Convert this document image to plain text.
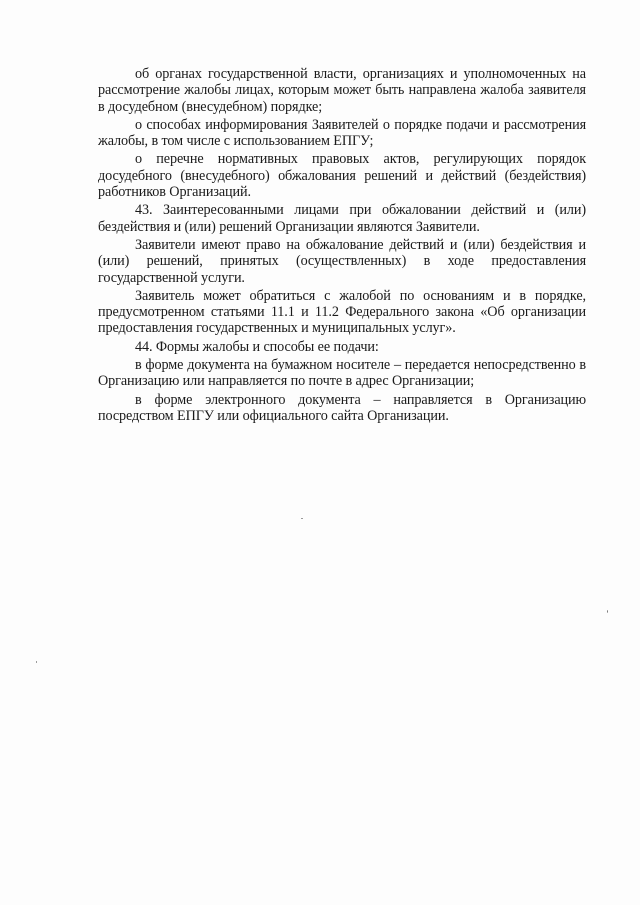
об органах государственной власти, организациях и уполномоченных на рассмотрение жалобы лицах, которым может быть направлена жалоба заявителя в досудебном (внесудебном) порядке;

о способах информирования Заявителей о порядке подачи и рассмотрения жалобы, в том числе с использованием ЕПГУ;

о перечне нормативных правовых актов, регулирующих порядок досудебного (внесудебного) обжалования решений и действий (бездействия) работников Организаций.

43. Заинтересованными лицами при обжаловании действий и (или) бездействия и (или) решений Организации являются Заявители.

Заявители имеют право на обжалование действий и (или) бездействия и (или) решений, принятых (осуществленных) в ходе предоставления государственной услуги.

Заявитель может обратиться с жалобой по основаниям и в порядке, предусмотренном статьями 11.1 и 11.2 Федерального закона «Об организации предоставления государственных и муниципальных услуг».

44. Формы жалобы и способы ее подачи:

в форме документа на бумажном носителе – передается непосредственно в Организацию или направляется по почте в адрес Организации;

в форме электронного документа – направляется в Организацию посредством ЕПГУ или официального сайта Организации.
